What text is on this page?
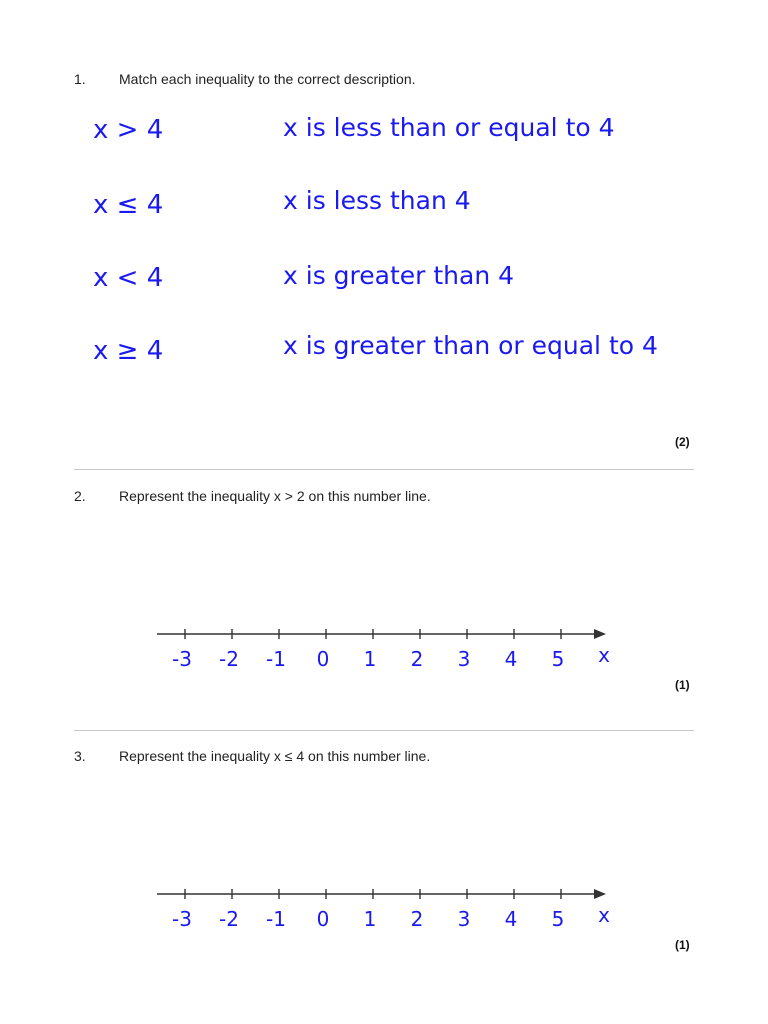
1. Match each inequality to the correct description.
x > 4
x ≤ 4
x < 4
x ≥ 4
x is less than or equal to 4
x is less than 4
x is greater than 4
x is greater than or equal to 4
(2)
2. Represent the inequality x > 2 on this number line.
-3 -2 -1 0 1 2 3 4 5 x
(1)
3. Represent the inequality x ≤ 4 on this number line.
-3 -2 -1 0 1 2 3 4 5 x
(1)
